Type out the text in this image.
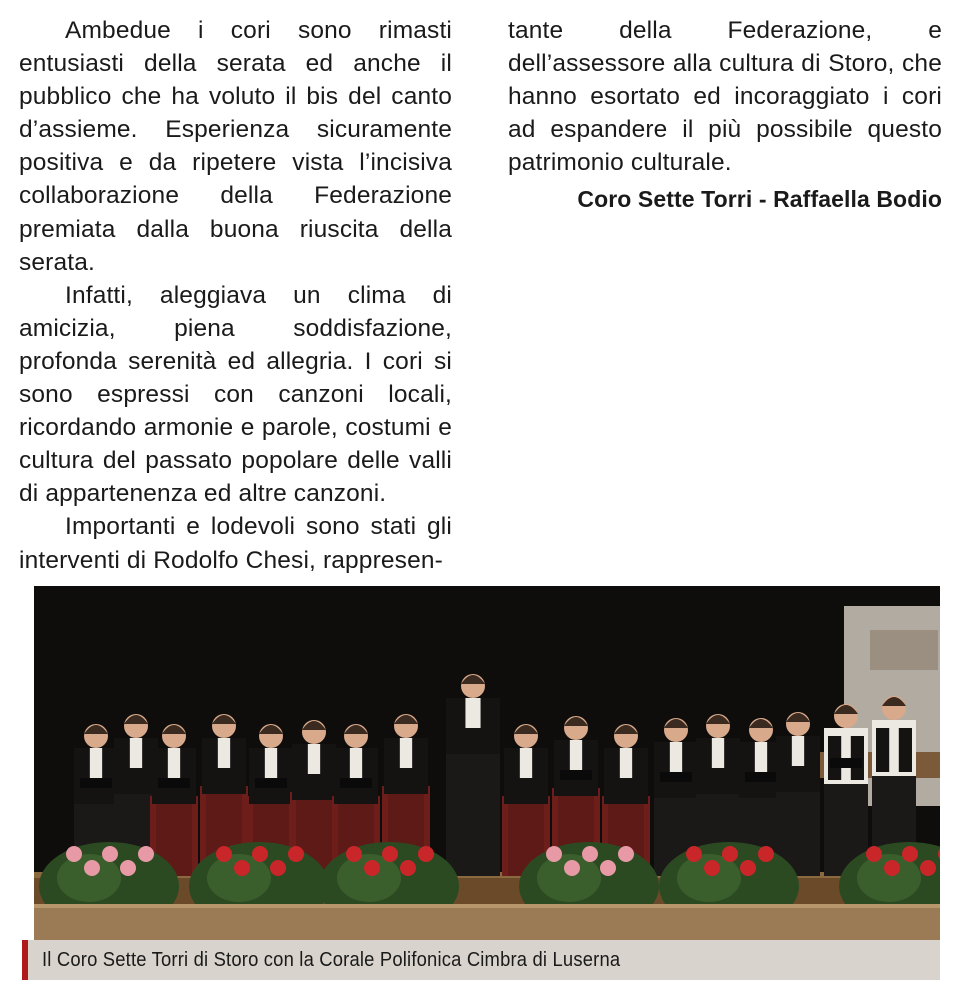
Ambedue i cori sono rimasti entusiasti della serata ed anche il pubblico che ha voluto il bis del canto d’assieme. Esperienza sicuramente positiva e da ripetere vista l’incisiva collaborazione della Federazione premiata dalla buona riuscita della serata.

Infatti, aleggiava un clima di amicizia, piena soddisfazione, profonda serenità ed allegria. I cori si sono espressi con canzoni locali, ricordando armonie e parole, costumi e cultura del passato popolare delle valli di appartenenza ed altre canzoni.

Importanti e lodevoli sono stati gli interventi di Rodolfo Chesi, rappresen-

tante della Federazione, e dell’assessore alla cultura di Storo, che hanno esortato ed incoraggiato i cori ad espandere il più possibile questo patrimonio culturale.

Coro Sette Torri - Raffaella Bodio
Il Coro Sette Torri di Storo con la Corale Polifonica Cimbra di Luserna
